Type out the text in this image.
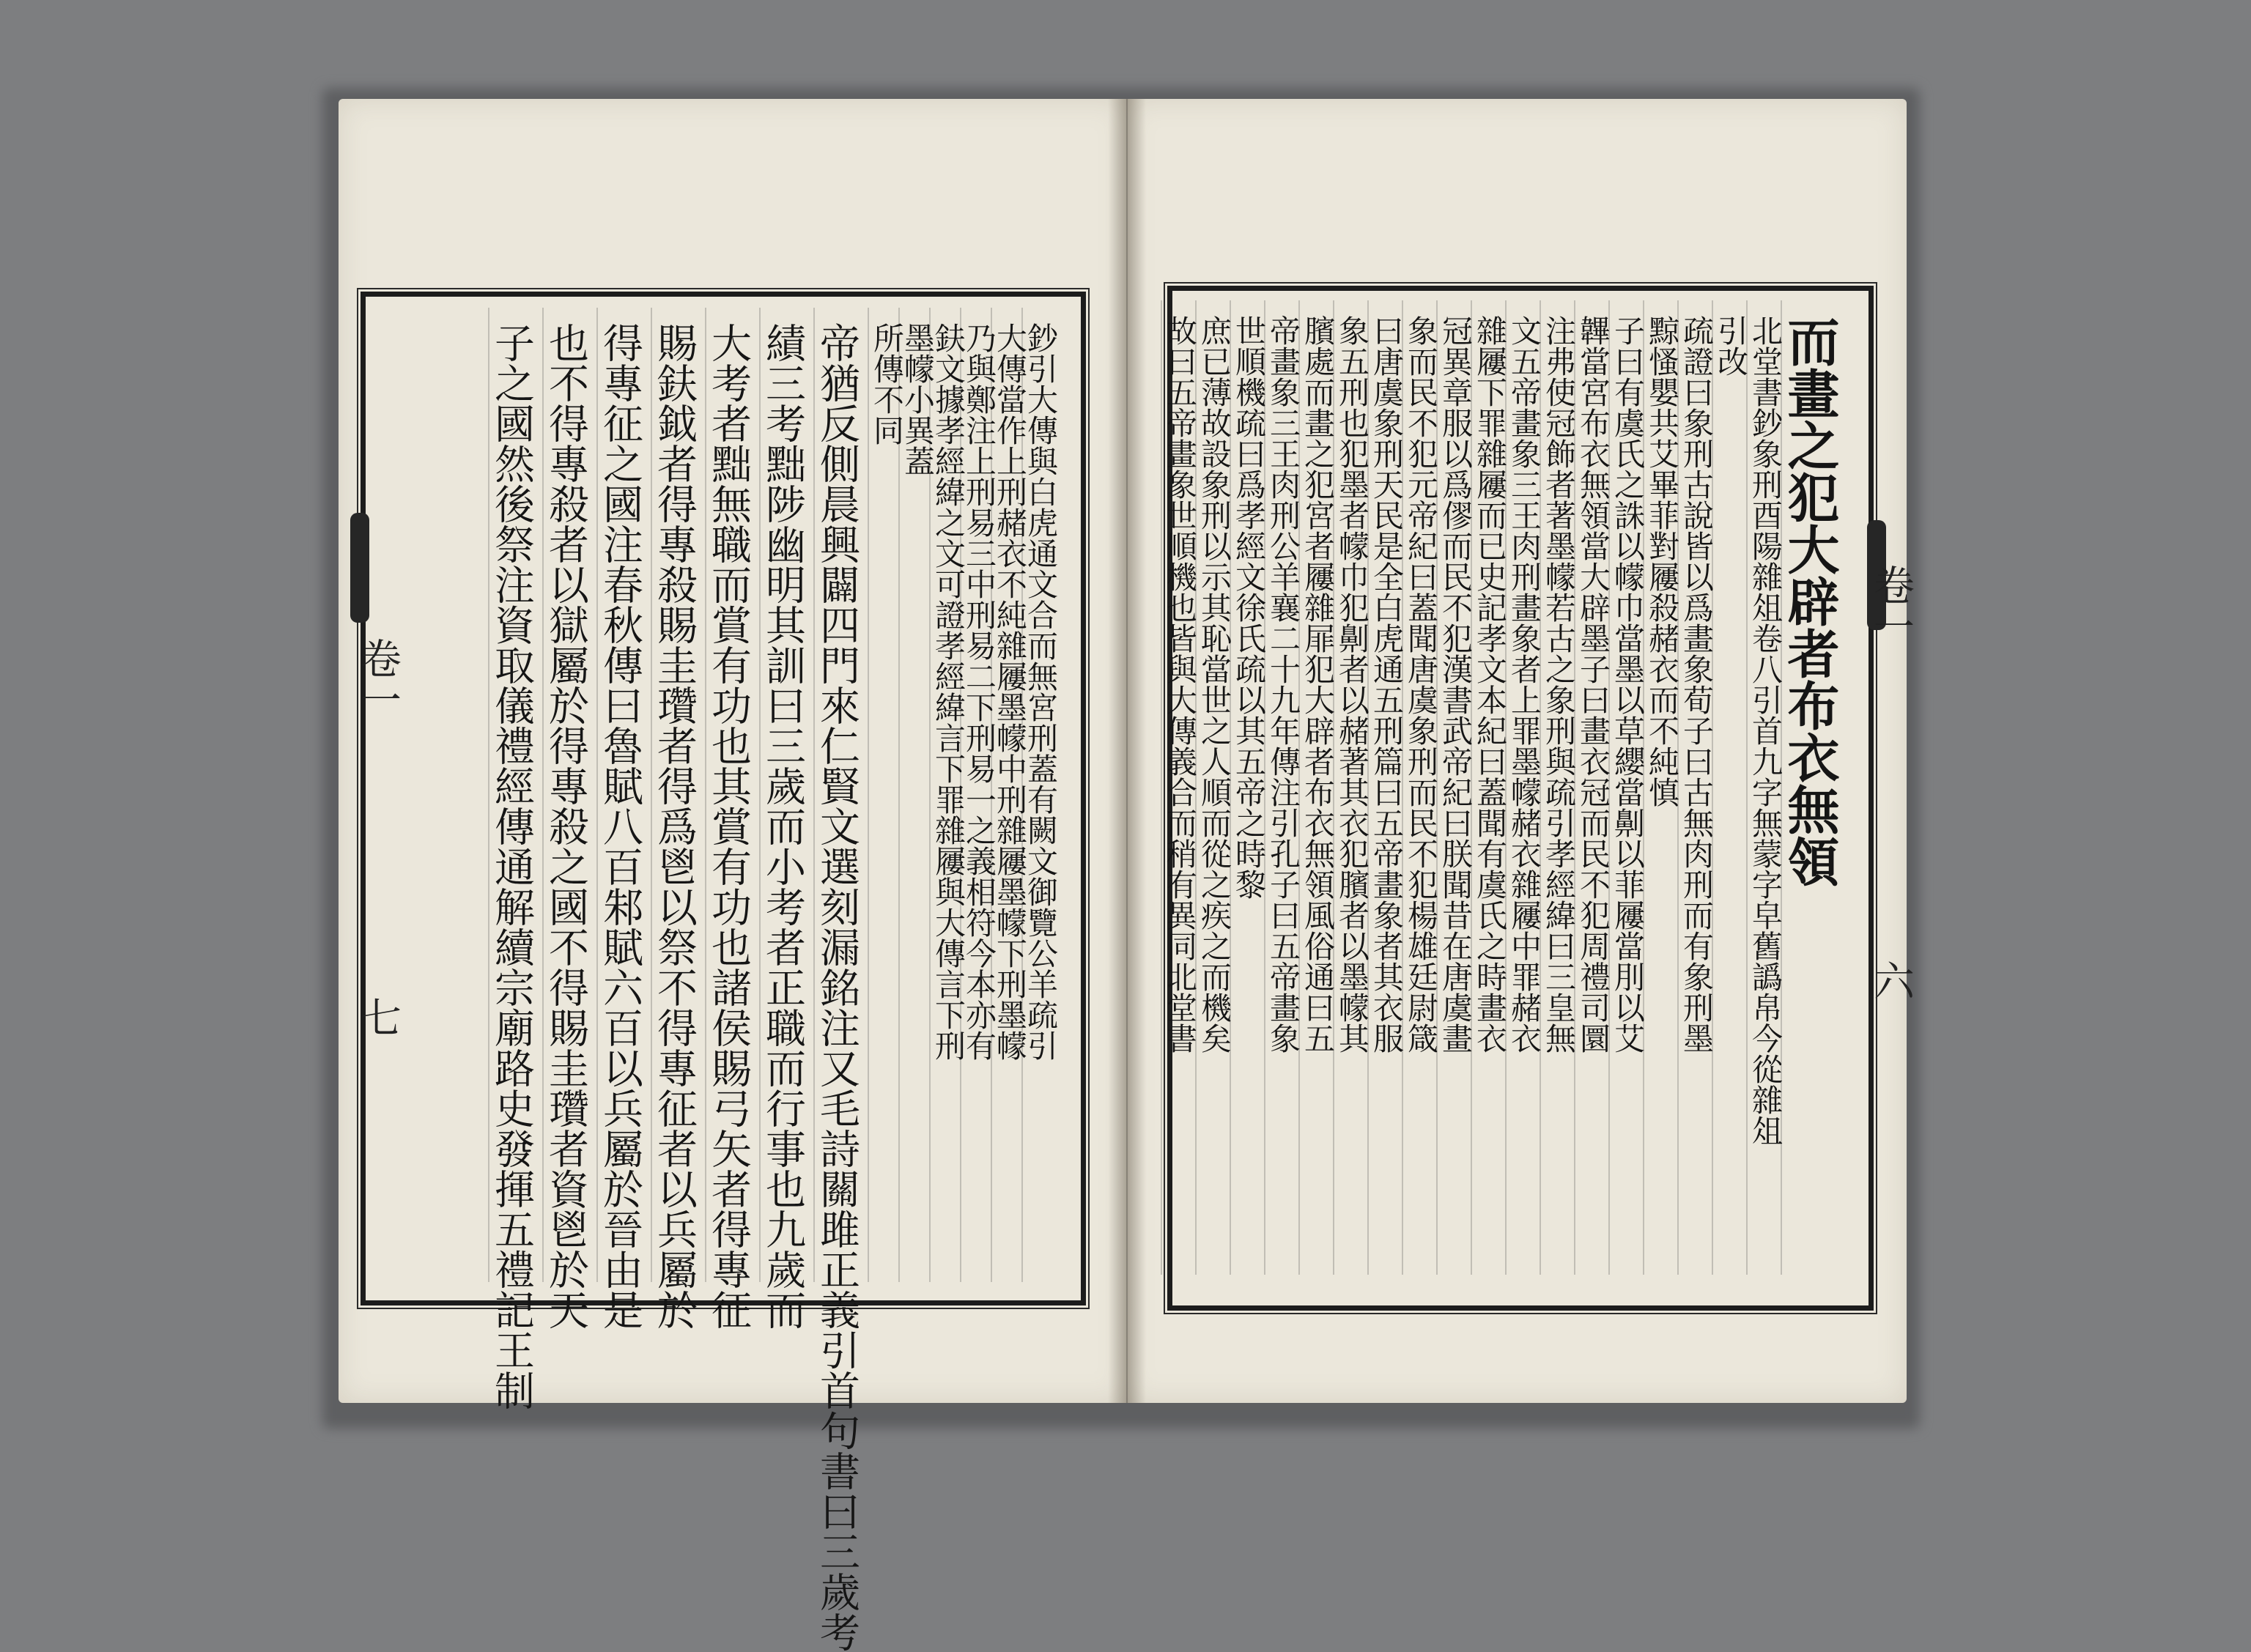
卷一
七
卷一
六
鈔引大傳與白虎通文合而無宮刑蓋有闕文御覽公羊疏引
大傳當作上刑赭衣不純雜屨墨幪中刑雜屨墨幪下刑墨幪
乃與鄭注上刑易三中刑易二下刑易一之義相符今本亦有
鈇文據孝經緯之文可證孝經緯言下罪雜屨與大傳言下刑
墨幪小異蓋
所傳不同
帝猶反側晨興闢四門來仁賢文選刻漏銘注又毛詩關雎正義引首句書曰三歲考
績三考黜陟幽明其訓曰三歲而小考者正職而行事也九歲而
大考者黜無職而賞有功也其賞有功也諸侯賜弓矢者得專征
賜鈇鉞者得專殺賜圭瓚者得爲鬯以祭不得專征者以兵屬於
得專征之國注春秋傳曰魯賦八百邾賦六百以兵屬於晉由是
也不得專殺者以獄屬於得專殺之國不得賜圭瓚者資鬯於天
子之國然後祭注資取儀禮經傳通解續宗廟路史發揮五禮記王制	而畫之犯大辟者布衣無領
北堂書鈔象刑酉陽雜俎卷八引首九字無蒙字皁舊譌帛今從雜俎
引改
疏證曰象刑古說皆以爲畫象荀子曰古無肉刑而有象刑墨
黥慅嬰共艾畢菲對屨殺赭衣而不純慎
子曰有虞氏之誅以幪巾當墨以草纓當劓以菲屨當刖以艾
韠當宮布衣無領當大辟墨子曰畫衣冠而民不犯周禮司圜
注弗使冠飾者著墨幪若古之象刑與疏引孝經緯曰三皇無
文五帝畫象三王肉刑畫象者上罪墨幪赭衣雜屨中罪赭衣
雜屨下罪雜屨而已史記孝文本紀曰蓋聞有虞氏之時畫衣
冠異章服以爲僇而民不犯漢書武帝紀曰朕聞昔在唐虞畫
象而民不犯元帝紀曰蓋聞唐虞象刑而民不犯楊雄廷尉箴
曰唐虞象刑天民是全白虎通五刑篇曰五帝畫象者其衣服
象五刑也犯墨者幪巾犯劓者以赭著其衣犯臏者以墨幪其
臏處而畫之犯宮者屨雜屝犯大辟者布衣無領風俗通曰五
帝畫象三王肉刑公羊襄二十九年傳注引孔子曰五帝畫象
世順機疏曰爲孝經文徐氏疏以其五帝之時黎
庶已薄故設象刑以示其恥當世之人順而從之疾之而機矣
故曰五帝畫象世順機也皆與大傳義合而稍有異同北堂書
